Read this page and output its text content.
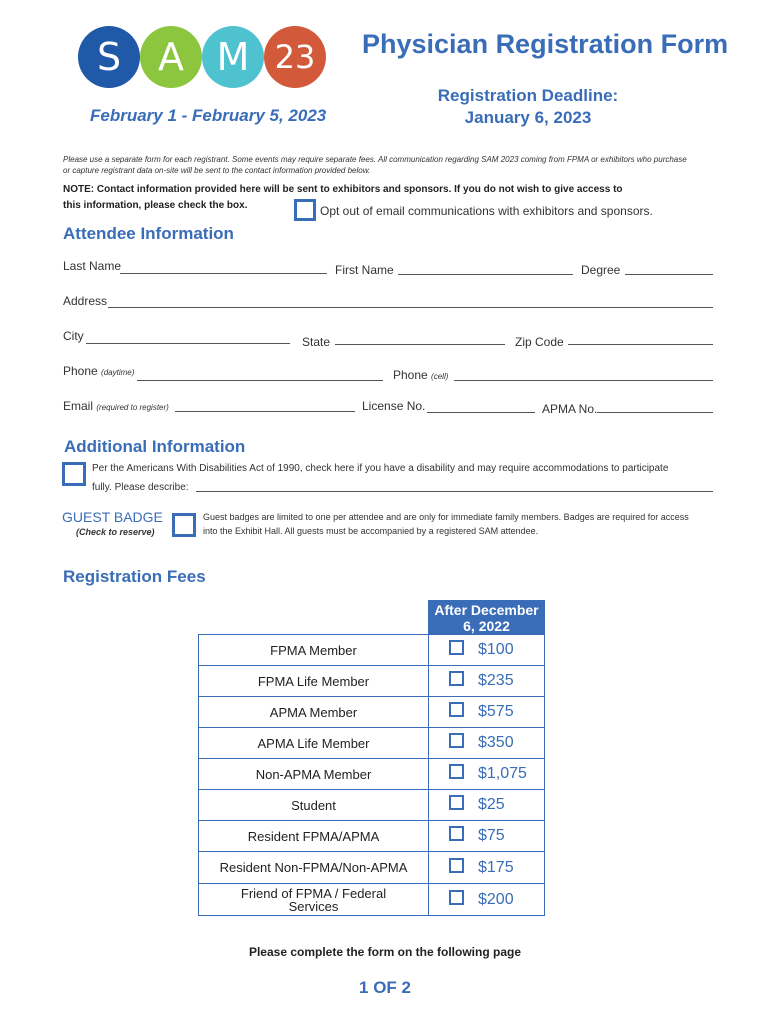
S A M 23	Physician Registration Form
February 1 - February 5, 2023
Registration Deadline:
January 6, 2023
Please use a separate form for each registrant. Some events may require separate fees. All communication regarding SAM 2023 coming from FPMA or exhibitors who purchase
or capture registrant data on-site will be sent to the contact information provided below.
NOTE: Contact information provided here will be sent to exhibitors and sponsors. If you do not wish to give access to
this information, please check the box.	Opt out of email communications with exhibitors and sponsors.
Attendee Information
Last Name	First Name	Degree
Address
City	State	Zip Code
Phone (daytime)	Phone (cell)
Email (required to register)	License No.	APMA No.
Additional Information
Per the Americans With Disabilities Act of 1990, check here if you have a disability and may require accommodations to participate
fully. Please describe:
GUEST BADGE
(Check to reserve)
Guest badges are limited to one per attendee and are only for immediate family members. Badges are required for access
into the Exhibit Hall. All guests must be accompanied by a registered SAM attendee.
Registration Fees
	After December 6, 2022
FPMA Member	$100
FPMA Life Member	$235
APMA Member	$575
APMA Life Member	$350
Non-APMA Member	$1,075
Student	$25
Resident FPMA/APMA	$75
Resident Non-FPMA/Non-APMA	$175
Friend of FPMA / Federal Services	$200
Please complete the form on the following page
1 OF 2
